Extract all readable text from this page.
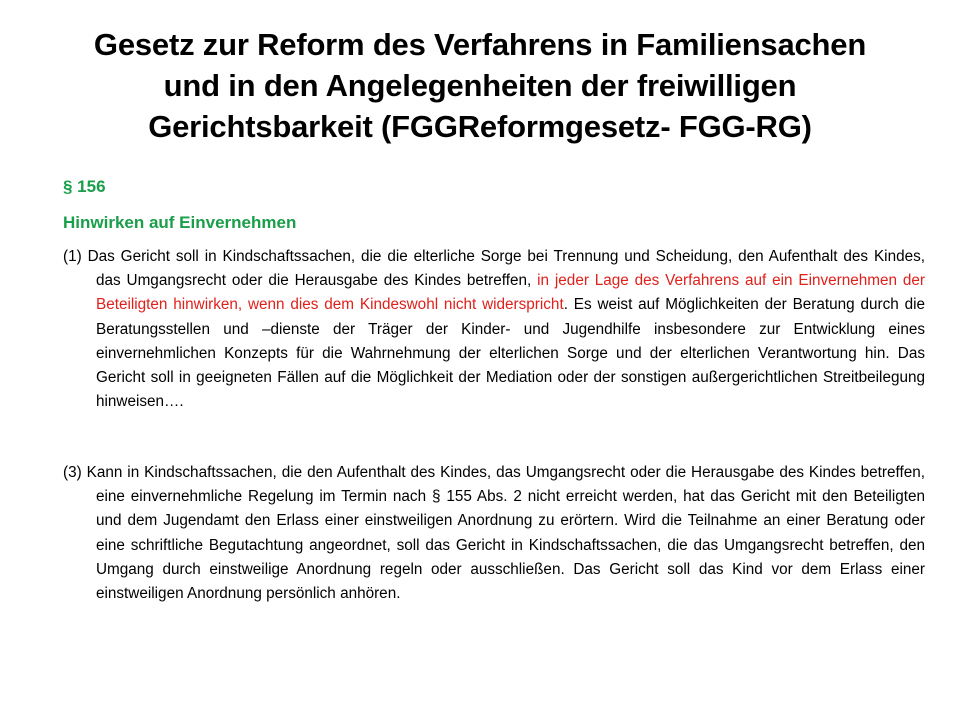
Gesetz zur Reform des Verfahrens in Familiensachen
und in den Angelegenheiten der freiwilligen
Gerichtsbarkeit (FGGReformgesetz- FGG-RG)
§ 156
Hinwirken auf Einvernehmen

(1) Das Gericht soll in Kindschaftssachen, die die elterliche Sorge bei Trennung und Scheidung, den Aufenthalt des Kindes, das Umgangsrecht oder die Herausgabe des Kindes betreffen, in jeder Lage des Verfahrens auf ein Einvernehmen der Beteiligten hinwirken, wenn dies dem Kindeswohl nicht widerspricht. Es weist auf Möglichkeiten der Beratung durch die Beratungsstellen und –dienste der Träger der Kinder- und Jugendhilfe insbesondere zur Entwicklung eines einvernehmlichen Konzepts für die Wahrnehmung der elterlichen Sorge und der elterlichen Verantwortung hin. Das Gericht soll in geeigneten Fällen auf die Möglichkeit der Mediation oder der sonstigen außergerichtlichen Streitbeilegung hinweisen….

(3) Kann in Kindschaftssachen, die den Aufenthalt des Kindes, das Umgangsrecht oder die Herausgabe des Kindes betreffen, eine einvernehmliche Regelung im Termin nach § 155 Abs. 2 nicht erreicht werden, hat das Gericht mit den Beteiligten und dem Jugendamt den Erlass einer einstweiligen Anordnung zu erörtern. Wird die Teilnahme an einer Beratung oder eine schriftliche Begutachtung angeordnet, soll das Gericht in Kindschaftssachen, die das Umgangsrecht betreffen, den Umgang durch einstweilige Anordnung regeln oder ausschließen. Das Gericht soll das Kind vor dem Erlass einer einstweiligen Anordnung persönlich anhören.
